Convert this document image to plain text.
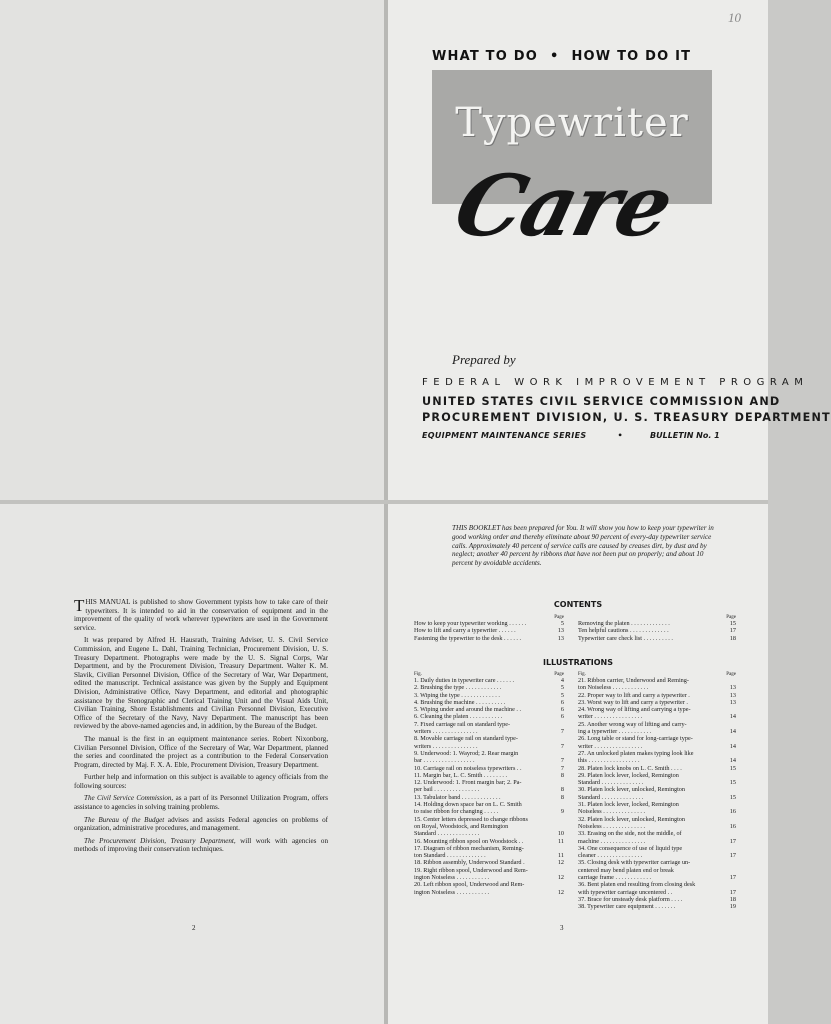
10
WHAT TO DO • HOW TO DO IT
Typewriter
Care
Prepared by
FEDERAL WORK IMPROVEMENT PROGRAM
UNITED STATES CIVIL SERVICE COMMISSION AND
PROCUREMENT DIVISION, U. S. TREASURY DEPARTMENT
EQUIPMENT MAINTENANCE SERIES	•	BULLETIN No. 1

THIS MANUAL is published to show Government typists how to take care of their typewriters. It is intended to aid in the conservation of equipment and in the improvement of the quality of work wherever typewriters are used in the Government service.

It was prepared by Alfred H. Hausrath, Training Adviser, U. S. Civil Service Commission, and Eugene L. Dahl, Training Technician, Procurement Division, U. S. Treasury Department. Photographs were made by the U. S. Signal Corps, War Department, and by the Procurement Division, Treasury Department. Walter K. M. Slavik, Civilian Personnel Division, Office of the Secretary of War, War Department, edited the manuscript. Technical assistance was given by the Supply and Equipment Division, Administrative Office, Navy Department, and editorial and photographic assistance by the Stenographic and Clerical Training Unit and the Visual Aids Unit, Civilian Training, Shore Establishments and Civilian Personnel Division, Executive Office of the Secretary of the Navy, Navy Department. The manuscript has been reviewed by the above-named agencies and, in addition, by the Bureau of the Budget.

The manual is the first in an equipment maintenance series. Robert Nixonborg, Civilian Personnel Division, Office of the Secretary of War, War Department, planned the series and coordinated the project as a contribution to the Federal Conservation Program, directed by Maj. F. X. A. Eble, Procurement Division, Treasury Department.

Further help and information on this subject is available to agency officials from the following sources:

The Civil Service Commission, as a part of its Personnel Utilization Program, offers assistance to agencies in solving training problems.

The Bureau of the Budget advises and assists Federal agencies on problems of organization, administrative procedures, and management.

The Procurement Division, Treasury Department, will work with agencies on methods of improving their conservation techniques.

2
THIS BOOKLET has been prepared for You. It will show you how to keep your typewriter in good working order and thereby eliminate about 90 percent of every-day typewriter service calls. Approximately 40 percent of service calls are caused by creases dirt, by dust and by neglect; another 40 percent by ribbons that have not been put on properly; and about 10 percent by avoidable accidents.
CONTENTS
Page
How to keep your typewriter working . . . . . .	5
How to lift and carry a typewriter . . . . . .	13
Fastening the typewriter to the desk . . . . . .	13
Page
Removing the platen . . . . . . . . . . . . .	15
Ten helpful cautions . . . . . . . . . . . . .	17
Typewriter care check list . . . . . . . . . .	18
ILLUSTRATIONS
Fig.	Page
1. Daily duties in typewriter care . . . . . .	4
2. Brushing the type . . . . . . . . . . . .	5
3. Wiping the type . . . . . . . . . . . . .	5
4. Brushing the machine . . . . . . . . . .	6
5. Wiping under and around the machine . .	6
6. Cleaning the platen . . . . . . . . . . .	6
7. Fixed carriage rail on standard type-
writers . . . . . . . . . . . . . . .	7
8. Movable carriage rail on standard type-
writers . . . . . . . . . . . . . . .	7
9. Underwood: 1. Wayrod; 2. Rear margin
bar . . . . . . . . . . . . . . . . .	7
10. Carriage rail on noiseless typewriters . .	7
11. Margin bar, L. C. Smith . . . . . . . .	8
12. Underwood: 1. Front margin bar; 2. Pa-
per bail . . . . . . . . . . . . . . .	8
13. Tabulator band . . . . . . . . . . . . .	8
14. Holding down space bar on L. C. Smith
to raise ribbon for changing . . . . .	9
15. Center letters depressed to change ribbons
on Royal, Woodstock, and Remington
Standard . . . . . . . . . . . . . .	10
16. Mounting ribbon spool on Woodstock . .	11
17. Diagram of ribbon mechanism, Reming-
ton Standard . . . . . . . . . . . . .	11
18. Ribbon assembly, Underwood Standard .	12
19. Right ribbon spool, Underwood and Rem-
ington Noiseless . . . . . . . . . . .	12
20. Left ribbon spool, Underwood and Rem-
ington Noiseless . . . . . . . . . . .	12
Fig.	Page
21. Ribbon carrier, Underwood and Reming-
ton Noiseless . . . . . . . . . . . .	13
22. Proper way to lift and carry a typewriter .	13
23. Worst way to lift and carry a typewriter .	13
24. Wrong way of lifting and carrying a type-
writer . . . . . . . . . . . . . . . .	14
25. Another wrong way of lifting and carry-
ing a typewriter . . . . . . . . . . .	14
26. Long table or stand for long-carriage type-
writer . . . . . . . . . . . . . . . .	14
27. An unlocked platen makes typing look like
this . . . . . . . . . . . . . . . . .	14
28. Platen lock knobs on L. C. Smith . . . .	15
29. Platen lock lever, locked, Remington
Standard . . . . . . . . . . . . . .	15
30. Platen lock lever, unlocked, Remington
Standard . . . . . . . . . . . . . .	15
31. Platen lock lever, locked, Remington
Noiseless . . . . . . . . . . . . . .	16
32. Platen lock lever, unlocked, Remington
Noiseless . . . . . . . . . . . . . .	16
33. Erasing on the side, not the middle, of
machine . . . . . . . . . . . . . . .	17
34. One consequence of use of liquid type
cleaner . . . . . . . . . . . . . . .	17
35. Closing desk with typewriter carriage un-
centered may bend platen end or break
carriage frame . . . . . . . . . . . .	17
36. Bent platen end resulting from closing desk
with typewriter carriage uncentered . .	17
37. Brace for unsteady desk platform . . . .	18
38. Typewriter care equipment . . . . . . .	19
3
